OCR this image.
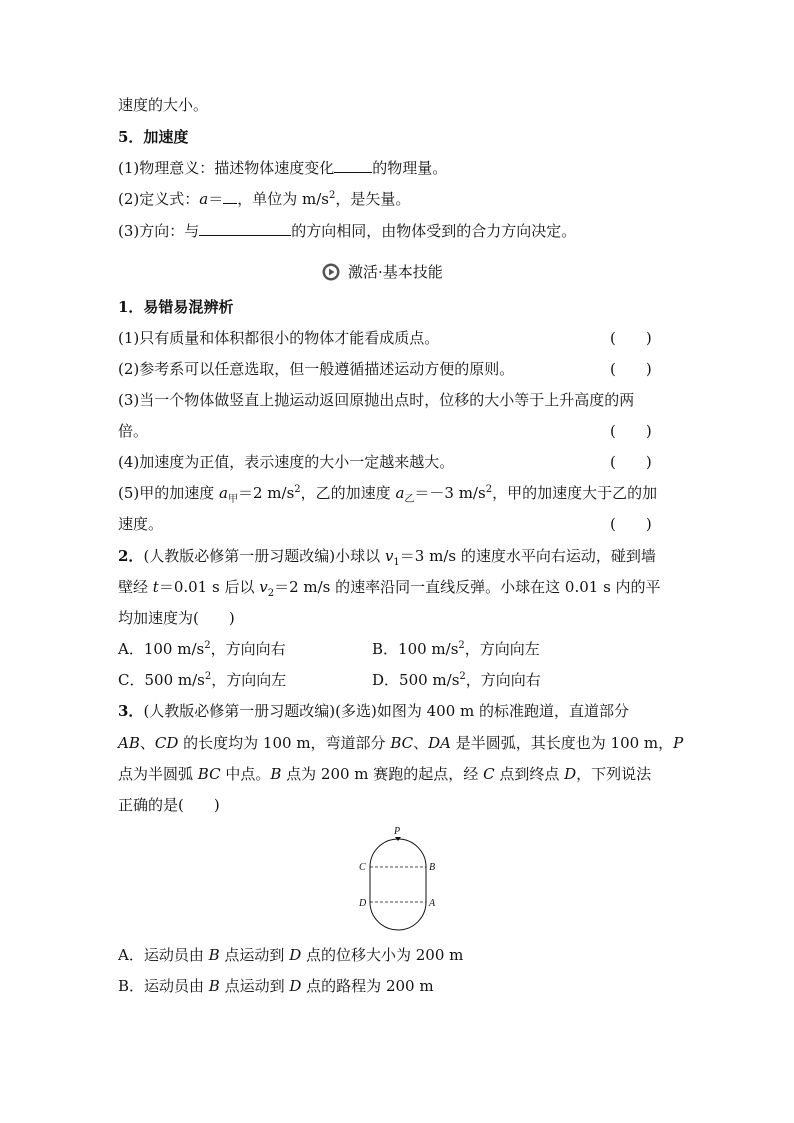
速度的大小。
5．加速度
(1)物理意义：描述物体速度变化	的物理量。
(2)定义式：a＝ ，单位为 $m/s^2$，是矢量。
(3)方向：与	的方向相同，由物体受到的合力方向决定。
激活·基本技能
1．易错易混辨析
(1)只有质量和体积都很小的物体才能看成质点。	(　　)
(2)参考系可以任意选取，但一般遵循描述运动方便的原则。	(　　)
(3)当一个物体做竖直上抛运动返回原抛出点时，位移的大小等于上升高度的两
倍。	(　　)
(4)加速度为正值，表示速度的大小一定越来越大。	(　　)
(5)甲的加速度 $a_甲=2$ $m/s^2$，乙的加速度 $a_乙=-3$ $m/s^2$，甲的加速度大于乙的加
速度。	(　　)
2．(人教版必修第一册习题改编)小球以 $v_1=3$ m/s 的速度水平向右运动，碰到墙
壁经 t＝0.01 s 后以 $v_2=2$ m/s 的速率沿同一直线反弹。小球在这 0.01 s 内的平
均加速度为(　　)
A．100 $m/s^2$，方向向右	B．100 $m/s^2$，方向向左
C．500 $m/s^2$，方向向左	D．500 $m/s^2$，方向向右
3．(人教版必修第一册习题改编)(多选)如图为 400 m 的标准跑道，直道部分
AB、CD 的长度均为 100 m，弯道部分 BC、DA 是半圆弧，其长度也为 100 m，P
点为半圆弧 BC 中点。B 点为 200 m 赛跑的起点，经 C 点到终点 D，下列说法
正确的是(　　)
P
C	B
D	A
A．运动员由 B 点运动到 D 点的位移大小为 200 m
B．运动员由 B 点运动到 D 点的路程为 200 m
